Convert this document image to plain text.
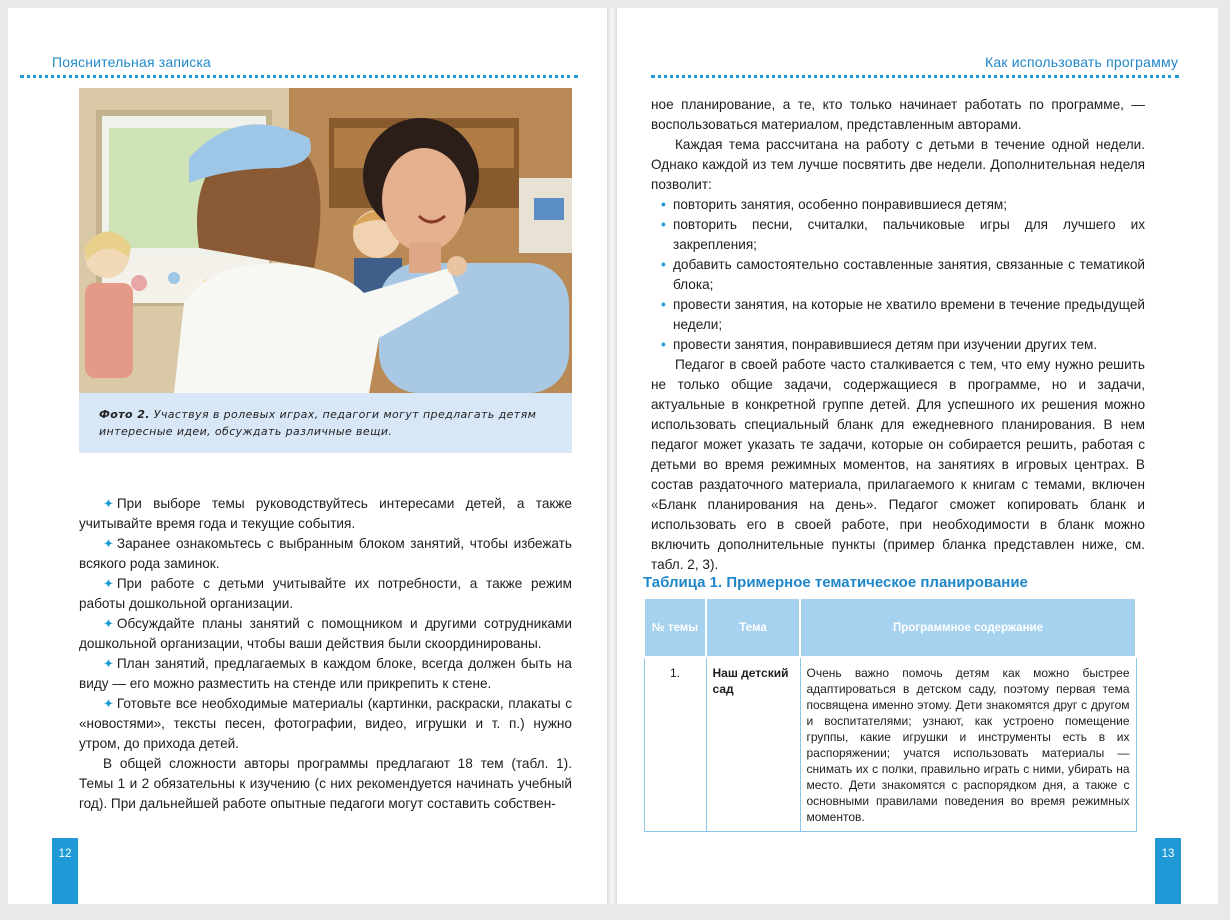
Пояснительная записка

Фото 2. Участвуя в ролевых играх, педагоги могут предлагать детям интересные идеи, обсуждать различные вещи.

✦ При выборе темы руководствуйтесь интересами детей, а также учитывайте время года и текущие события.

✦ Заранее ознакомьтесь с выбранным блоком занятий, чтобы избежать всякого рода заминок.

✦ При работе с детьми учитывайте их потребности, а также режим работы дошкольной организации.

✦ Обсуждайте планы занятий с помощником и другими сотрудниками дошкольной организации, чтобы ваши действия были скоординированы.

✦ План занятий, предлагаемых в каждом блоке, всегда должен быть на виду — его можно разместить на стенде или прикрепить к стене.

✦ Готовьте все необходимые материалы (картинки, раскраски, плакаты с «новостями», тексты песен, фотографии, видео, игрушки и т. п.) нужно утром, до прихода детей.

В общей сложности авторы программы предлагают 18 тем (табл. 1). Темы 1 и 2 обязательны к изучению (с них рекомендуется начинать учебный год). При дальнейшей работе опытные педагоги могут составить собствен-

12
Как использовать программу

ное планирование, а те, кто только начинает работать по программе, — воспользоваться материалом, представленным авторами.

Каждая тема рассчитана на работу с детьми в течение одной недели. Однако каждой из тем лучше посвятить две недели. Дополнительная неделя позволит:

• повторить занятия, особенно понравившиеся детям;
• повторить песни, считалки, пальчиковые игры для лучшего их закрепления;
• добавить самостоятельно составленные занятия, связанные с тематикой блока;
• провести занятия, на которые не хватило времени в течение предыдущей недели;
• провести занятия, понравившиеся детям при изучении других тем.

Педагог в своей работе часто сталкивается с тем, что ему нужно решить не только общие задачи, содержащиеся в программе, но и задачи, актуальные в конкретной группе детей. Для успешного их решения можно использовать специальный бланк для ежедневного планирования. В нем педагог может указать те задачи, которые он собирается решить, работая с детьми во время режимных моментов, на занятиях в игровых центрах. В состав раздаточного материала, прилагаемого к книгам с темами, включен «Бланк планирования на день». Педагог сможет копировать бланк и использовать его в своей работе, при необходимости в бланк можно включить дополнительные пункты (пример бланка представлен ниже, см. табл. 2, 3).

Таблица 1. Примерное тематическое планирование
№ темы	Тема	Программное содержание
1.	Наш детский сад	Очень важно помочь детям как можно быстрее адаптироваться в детском саду, поэтому первая тема посвящена именно этому. Дети знакомятся друг с другом и воспитателями; узнают, как устроено помещение группы, какие игрушки и инструменты есть в их распоряжении; учатся использовать материалы — снимать их с полки, правильно играть с ними, убирать на место. Дети знакомятся с распорядком дня, а также с основными правилами поведения во время режимных моментов.
13
